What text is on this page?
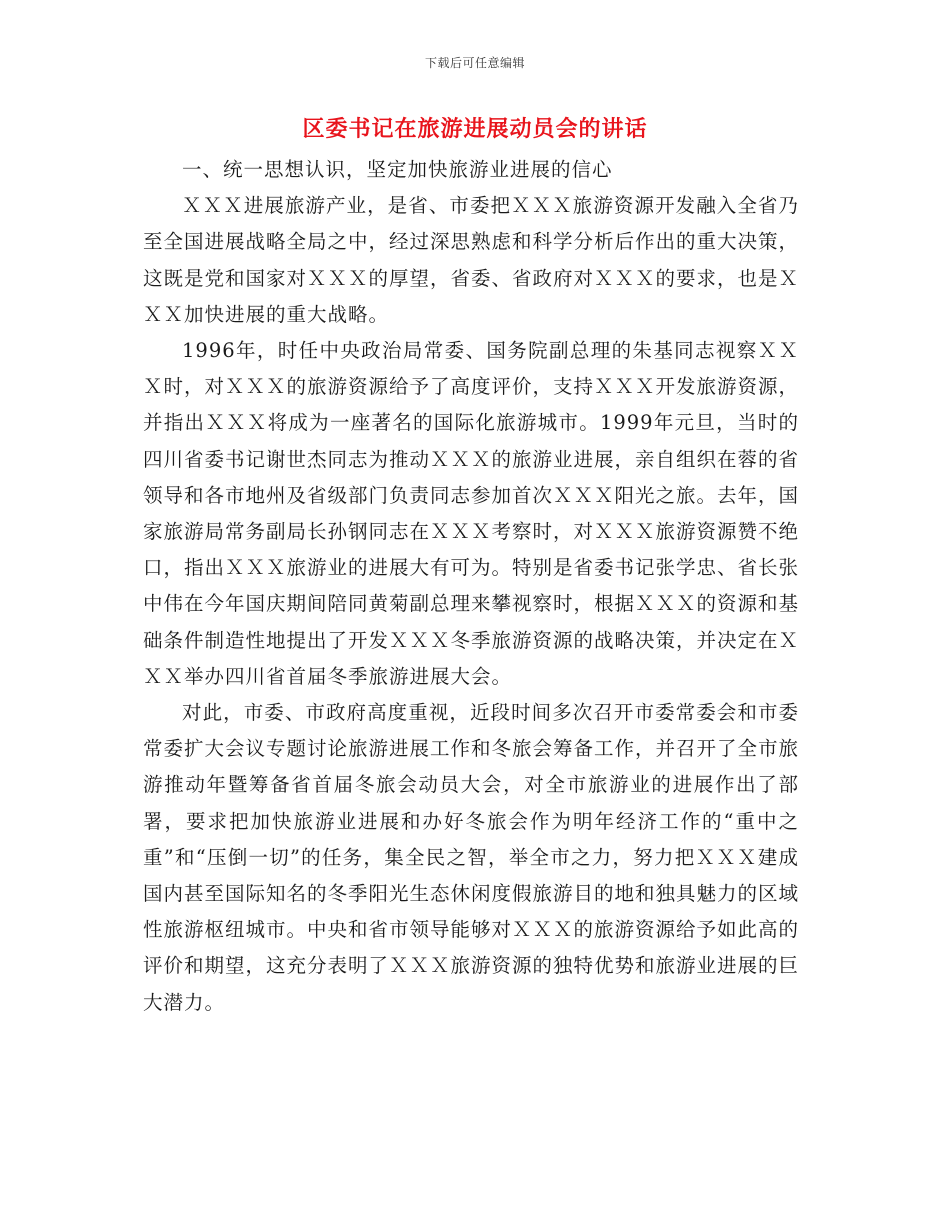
下载后可任意编辑
区委书记在旅游进展动员会的讲话

一、统一思想认识，坚定加快旅游业进展的信心

ＸＸＸ进展旅游产业，是省、市委把ＸＸＸ旅游资源开发融入全省乃至全国进展战略全局之中，经过深思熟虑和科学分析后作出的重大决策，这既是党和国家对ＸＸＸ的厚望，省委、省政府对ＸＸＸ的要求，也是ＸＸＸ加快进展的重大战略。

1996年，时任中央政治局常委、国务院副总理的朱基同志视察ＸＸＸ时，对ＸＸＸ的旅游资源给予了高度评价，支持ＸＸＸ开发旅游资源，并指出ＸＸＸ将成为一座著名的国际化旅游城市。1999年元旦，当时的四川省委书记谢世杰同志为推动ＸＸＸ的旅游业进展，亲自组织在蓉的省领导和各市地州及省级部门负责同志参加首次ＸＸＸ阳光之旅。去年，国家旅游局常务副局长孙钢同志在ＸＸＸ考察时，对ＸＸＸ旅游资源赞不绝口，指出ＸＸＸ旅游业的进展大有可为。特别是省委书记张学忠、省长张中伟在今年国庆期间陪同黄菊副总理来攀视察时，根据ＸＸＸ的资源和基础条件制造性地提出了开发ＸＸＸ冬季旅游资源的战略决策，并决定在ＸＸＸ举办四川省首届冬季旅游进展大会。

对此，市委、市政府高度重视，近段时间多次召开市委常委会和市委常委扩大会议专题讨论旅游进展工作和冬旅会筹备工作，并召开了全市旅游推动年暨筹备省首届冬旅会动员大会，对全市旅游业的进展作出了部署，要求把加快旅游业进展和办好冬旅会作为明年经济工作的“重中之重”和“压倒一切”的任务，集全民之智，举全市之力，努力把ＸＸＸ建成国内甚至国际知名的冬季阳光生态休闲度假旅游目的地和独具魅力的区域性旅游枢纽城市。中央和省市领导能够对ＸＸＸ的旅游资源给予如此高的评价和期望，这充分表明了ＸＸＸ旅游资源的独特优势和旅游业进展的巨大潜力。
